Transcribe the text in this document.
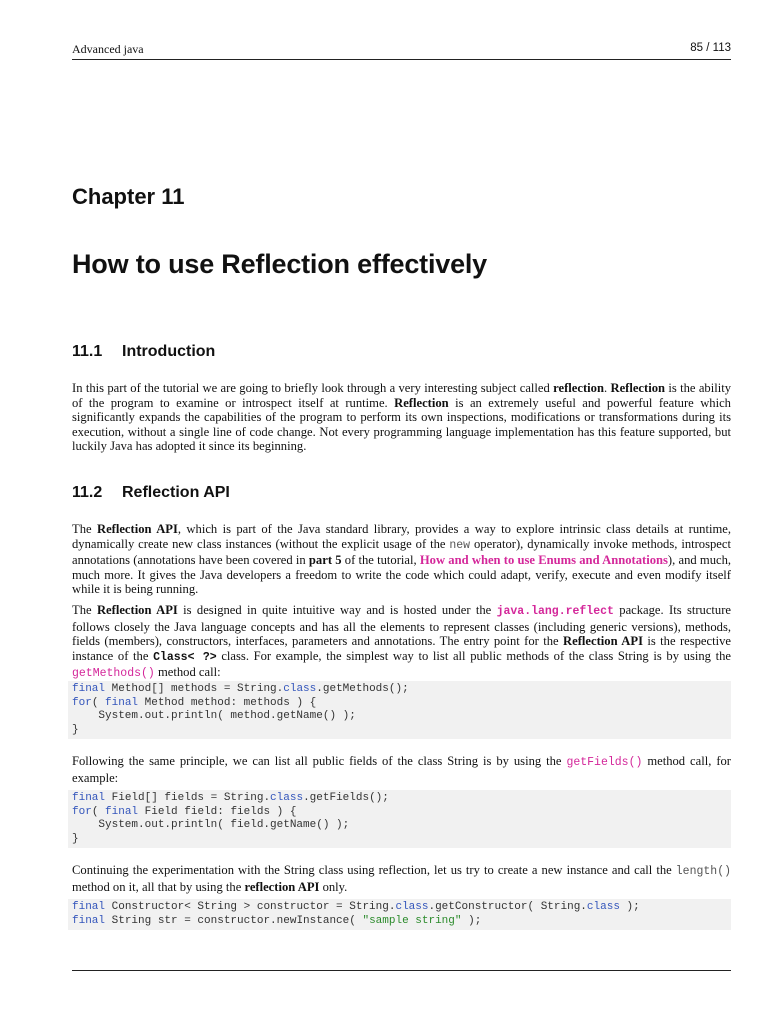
Advanced java	85 / 113
Chapter 11
How to use Reflection effectively
11.1 Introduction
In this part of the tutorial we are going to briefly look through a very interesting subject called reflection. Reflection is the ability of the program to examine or introspect itself at runtime. Reflection is an extremely useful and powerful feature which significantly expands the capabilities of the program to perform its own inspections, modifications or transformations during its execution, without a single line of code change. Not every programming language implementation has this feature supported, but luckily Java has adopted it since its beginning.
11.2 Reflection API
The Reflection API, which is part of the Java standard library, provides a way to explore intrinsic class details at runtime, dynamically create new class instances (without the explicit usage of the new operator), dynamically invoke methods, introspect annotations (annotations have been covered in part 5 of the tutorial, How and when to use Enums and Annotations), and much, much more. It gives the Java developers a freedom to write the code which could adapt, verify, execute and even modify itself while it is being running.
The Reflection API is designed in quite intuitive way and is hosted under the java.lang.reflect package. Its structure follows closely the Java language concepts and has all the elements to represent classes (including generic versions), methods, fields (members), constructors, interfaces, parameters and annotations. The entry point for the Reflection API is the respective instance of the Class< ?> class. For example, the simplest way to list all public methods of the class String is by using the getMethods() method call:
final Method[] methods = String.class.getMethods();
for( final Method method: methods ) {
System.out.println( method.getName() );
}
Following the same principle, we can list all public fields of the class String is by using the getFields() method call, for example:
final Field[] fields = String.class.getFields();
for( final Field field: fields ) {
System.out.println( field.getName() );
}
Continuing the experimentation with the String class using reflection, let us try to create a new instance and call the length() method on it, all that by using the reflection API only.
final Constructor< String > constructor = String.class.getConstructor( String.class );
final String str = constructor.newInstance( "sample string" );
